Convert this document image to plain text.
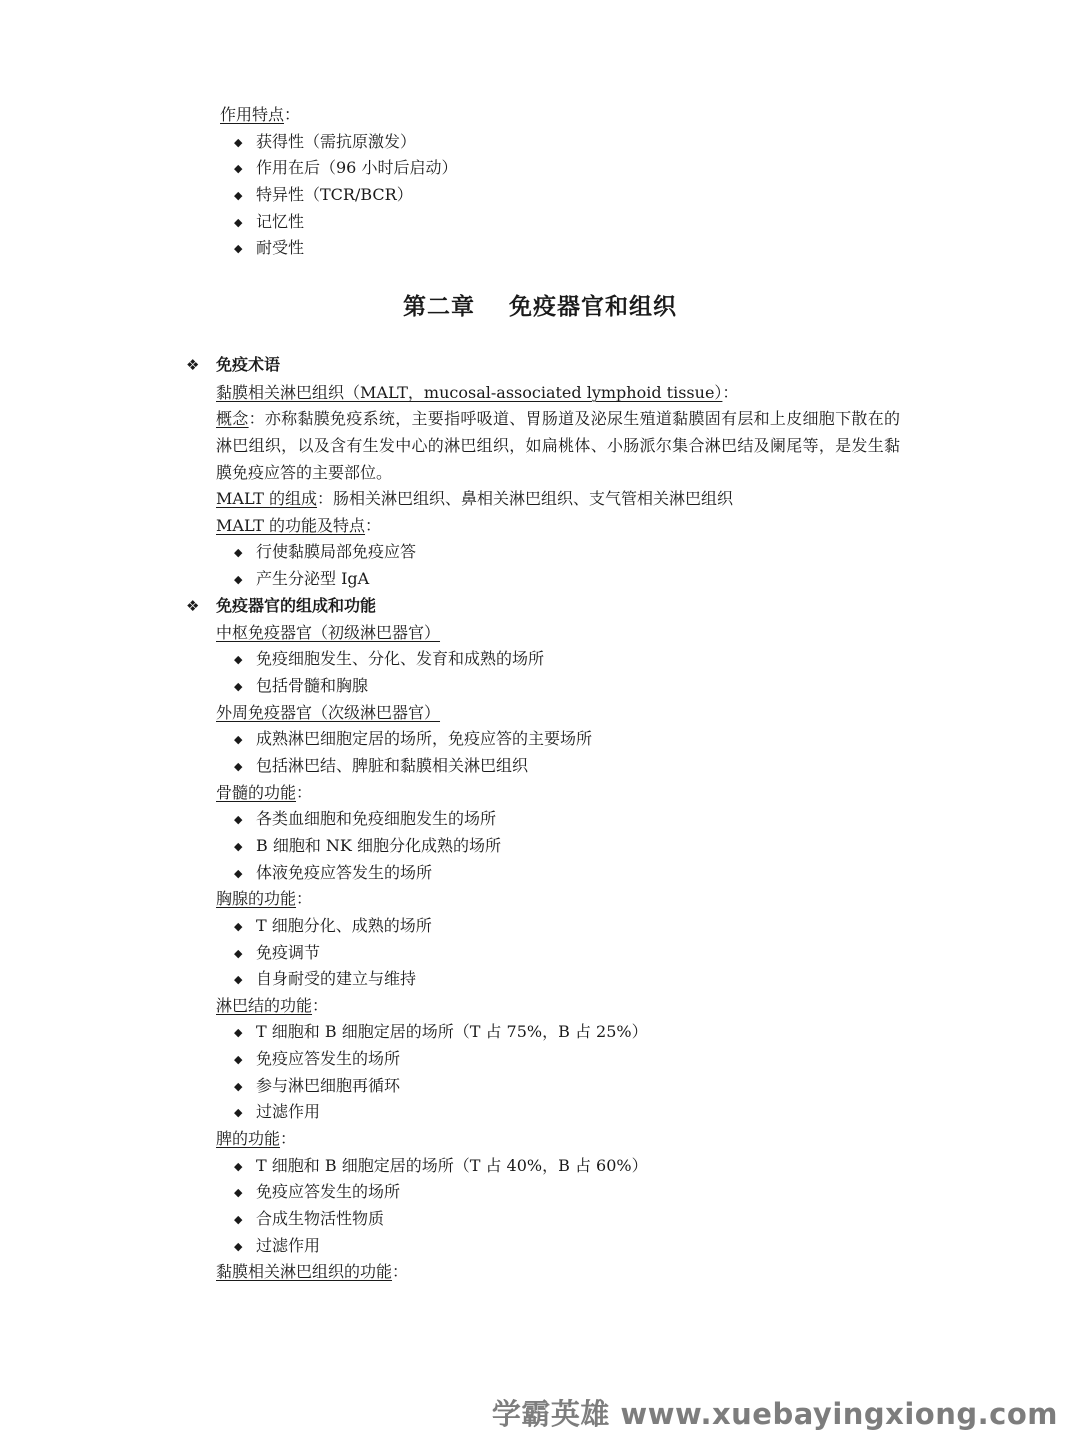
作用特点：
◆ 获得性（需抗原激发）
◆ 作用在后（96 小时后启动）
◆ 特异性（TCR/BCR）
◆ 记忆性
◆ 耐受性
第二章 免疫器官和组织
❖ 免疫术语
黏膜相关淋巴组织（MALT，mucosal-associated lymphoid tissue）：
概念：亦称黏膜免疫系统，主要指呼吸道、胃肠道及泌尿生殖道黏膜固有层和上皮细胞下散在的淋巴组织，以及含有生发中心的淋巴组织，如扁桃体、小肠派尔集合淋巴结及阑尾等，是发生黏膜免疫应答的主要部位。
MALT 的组成：肠相关淋巴组织、鼻相关淋巴组织、支气管相关淋巴组织
MALT 的功能及特点：
◆ 行使黏膜局部免疫应答
◆ 产生分泌型 IgA
❖ 免疫器官的组成和功能
中枢免疫器官（初级淋巴器官）
◆ 免疫细胞发生、分化、发育和成熟的场所
◆ 包括骨髓和胸腺
外周免疫器官（次级淋巴器官）
◆ 成熟淋巴细胞定居的场所，免疫应答的主要场所
◆ 包括淋巴结、脾脏和黏膜相关淋巴组织
骨髓的功能：
◆ 各类血细胞和免疫细胞发生的场所
◆ B 细胞和 NK 细胞分化成熟的场所
◆ 体液免疫应答发生的场所
胸腺的功能：
◆ T 细胞分化、成熟的场所
◆ 免疫调节
◆ 自身耐受的建立与维持
淋巴结的功能：
◆ T 细胞和 B 细胞定居的场所（T 占 75%，B 占 25%）
◆ 免疫应答发生的场所
◆ 参与淋巴细胞再循环
◆ 过滤作用
脾的功能：
◆ T 细胞和 B 细胞定居的场所（T 占 40%，B 占 60%）
◆ 免疫应答发生的场所
◆ 合成生物活性物质
◆ 过滤作用
黏膜相关淋巴组织的功能：
学霸英雄 www.xuebayingxiong.com
